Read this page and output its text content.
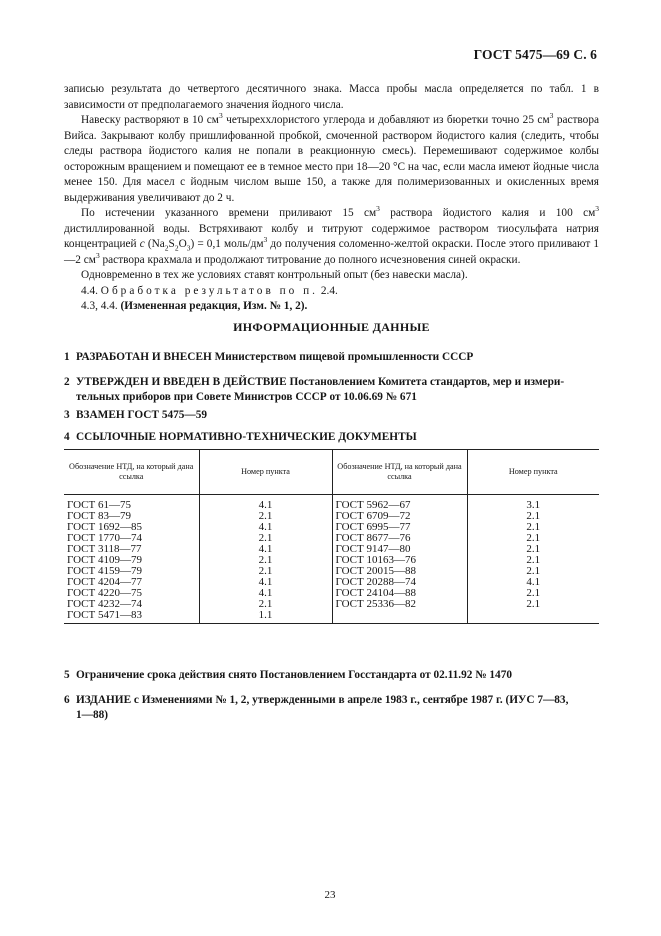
ГОСТ 5475—69 С. 6

записью результата до четвертого десятичного знака. Масса пробы масла определяется по табл. 1 в зависимости от предполагаемого значения йодного числа.

Навеску растворяют в 10 $см^3$ четыреххлористого углерода и добавляют из бюретки точно 25 $см^3$ раствора Вийса. Закрывают колбу пришлифованной пробкой, смоченной раствором йодистого калия (следить, чтобы следы раствора йодистого калия не попали в реакционную смесь). Перемешивают содержимое колбы осторожным вращением и помещают ее в темное место при 18—20 °С на час, если масла имеют йодные числа менее 150. Для масел с йодным числом выше 150, а также для полимеризованных и окисленных время выдерживания увеличивают до 2 ч.

По истечении указанного времени приливают 15 $см^3$ раствора йодистого калия и 100 $см^3$ дистиллированной воды. Встряхивают колбу и титруют содержимое раствором тиосульфата натрия концентрацией c $(Na_2S_2O_3) = 0,1$ моль/$дм^3$ до получения соломенно-желтой окраски. После этого приливают 1—2 $см^3$ раствора крахмала и продолжают титрование до полного исчезновения синей окраски.

Одновременно в тех же условиях ставят контрольный опыт (без навески масла).

4.4. Обработка результатов по п. 2.4.

4.3, 4.4. (Измененная редакция, Изм. № 1, 2).

ИНФОРМАЦИОННЫЕ ДАННЫЕ
1 РАЗРАБОТАН И ВНЕСЕН Министерством пищевой промышленности СССР
2 УТВЕРЖДЕН И ВВЕДЕН В ДЕЙСТВИЕ Постановлением Комитета стандартов, мер и измери-
тельных приборов при Совете Министров СССР от 10.06.69 № 671
3 ВЗАМЕН ГОСТ 5475—59
4 ССЫЛОЧНЫЕ НОРМАТИВНО-ТЕХНИЧЕСКИЕ ДОКУМЕНТЫ
Обозначение НТД, на который дана ссылка	Номер пункта	Обозначение НТД, на который дана ссылка	Номер пункта
ГОСТ 61—75	4.1	ГОСТ 5962—67	3.1
ГОСТ 83—79	2.1	ГОСТ 6709—72	2.1
ГОСТ 1692—85	4.1	ГОСТ 6995—77	2.1
ГОСТ 1770—74	2.1	ГОСТ 8677—76	2.1
ГОСТ 3118—77	4.1	ГОСТ 9147—80	2.1
ГОСТ 4109—79	2.1	ГОСТ 10163—76	2.1
ГОСТ 4159—79	2.1	ГОСТ 20015—88	2.1
ГОСТ 4204—77	4.1	ГОСТ 20288—74	4.1
ГОСТ 4220—75	4.1	ГОСТ 24104—88	2.1
ГОСТ 4232—74	2.1	ГОСТ 25336—82	2.1
ГОСТ 5471—83	1.1		
5 Ограничение срока действия снято Постановлением Госстандарта от 02.11.92 № 1470
6 ИЗДАНИЕ с Изменениями № 1, 2, утвержденными в апреле 1983 г., сентябре 1987 г. (ИУС 7—83,
1—88)
23
